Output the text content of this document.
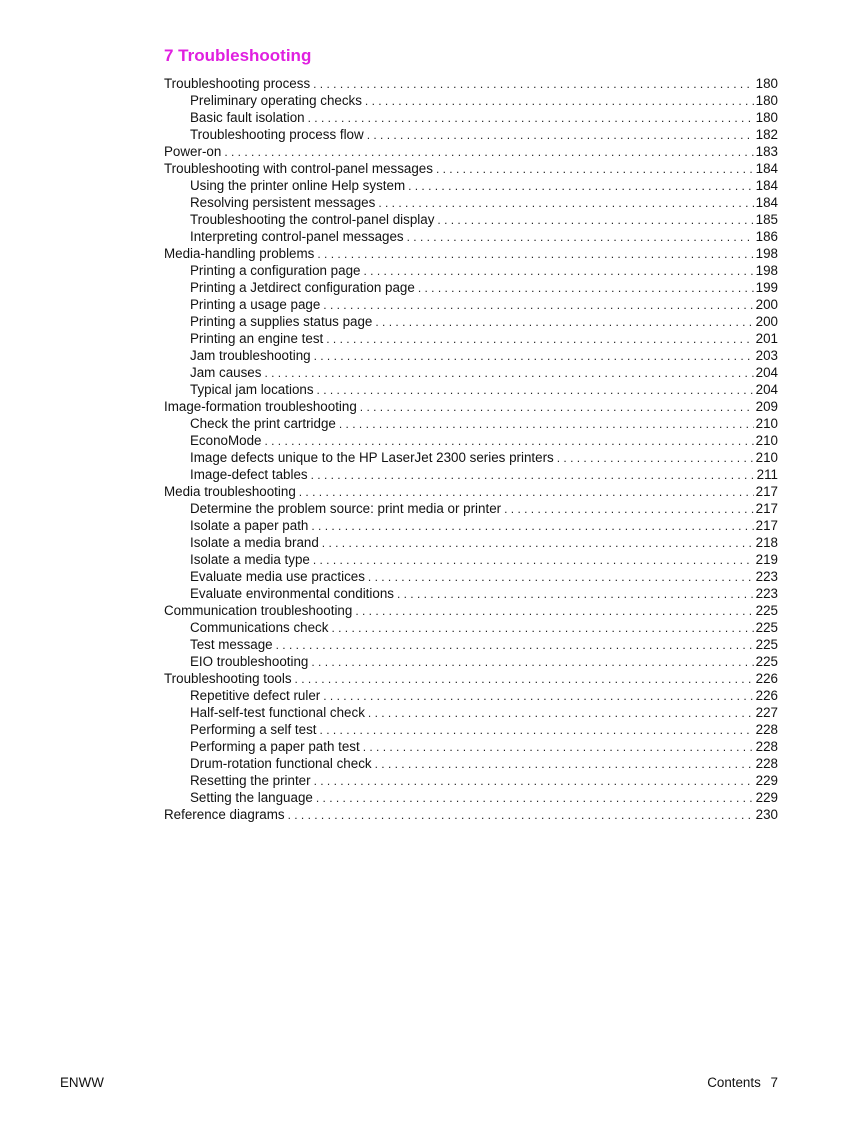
7 Troubleshooting
Troubleshooting process . . .	180
Preliminary operating checks . . .	180
Basic fault isolation . . .	180
Troubleshooting process flow . . .	182
Power-on . . .	183
Troubleshooting with control-panel messages . . .	184
Using the printer online Help system . . .	184
Resolving persistent messages . . .	184
Troubleshooting the control-panel display . . .	185
Interpreting control-panel messages . . .	186
Media-handling problems . . .	198
Printing a configuration page . . .	198
Printing a Jetdirect configuration page . . .	199
Printing a usage page . . .	200
Printing a supplies status page . . .	200
Printing an engine test . . .	201
Jam troubleshooting . . .	203
Jam causes . . .	204
Typical jam locations . . .	204
Image-formation troubleshooting . . .	209
Check the print cartridge . . .	210
EconoMode . . .	210
Image defects unique to the HP LaserJet 2300 series printers . . .	210
Image-defect tables . . .	211
Media troubleshooting . . .	217
Determine the problem source: print media or printer . . .	217
Isolate a paper path . . .	217
Isolate a media brand . . .	218
Isolate a media type . . .	219
Evaluate media use practices . . .	223
Evaluate environmental conditions . . .	223
Communication troubleshooting . . .	225
Communications check . . .	225
Test message . . .	225
EIO troubleshooting . . .	225
Troubleshooting tools . . .	226
Repetitive defect ruler . . .	226
Half-self-test functional check . . .	227
Performing a self test . . .	228
Performing a paper path test . . .	228
Drum-rotation functional check . . .	228
Resetting the printer . . .	229
Setting the language . . .	229
Reference diagrams . . .	230
ENWW	Contents 7
